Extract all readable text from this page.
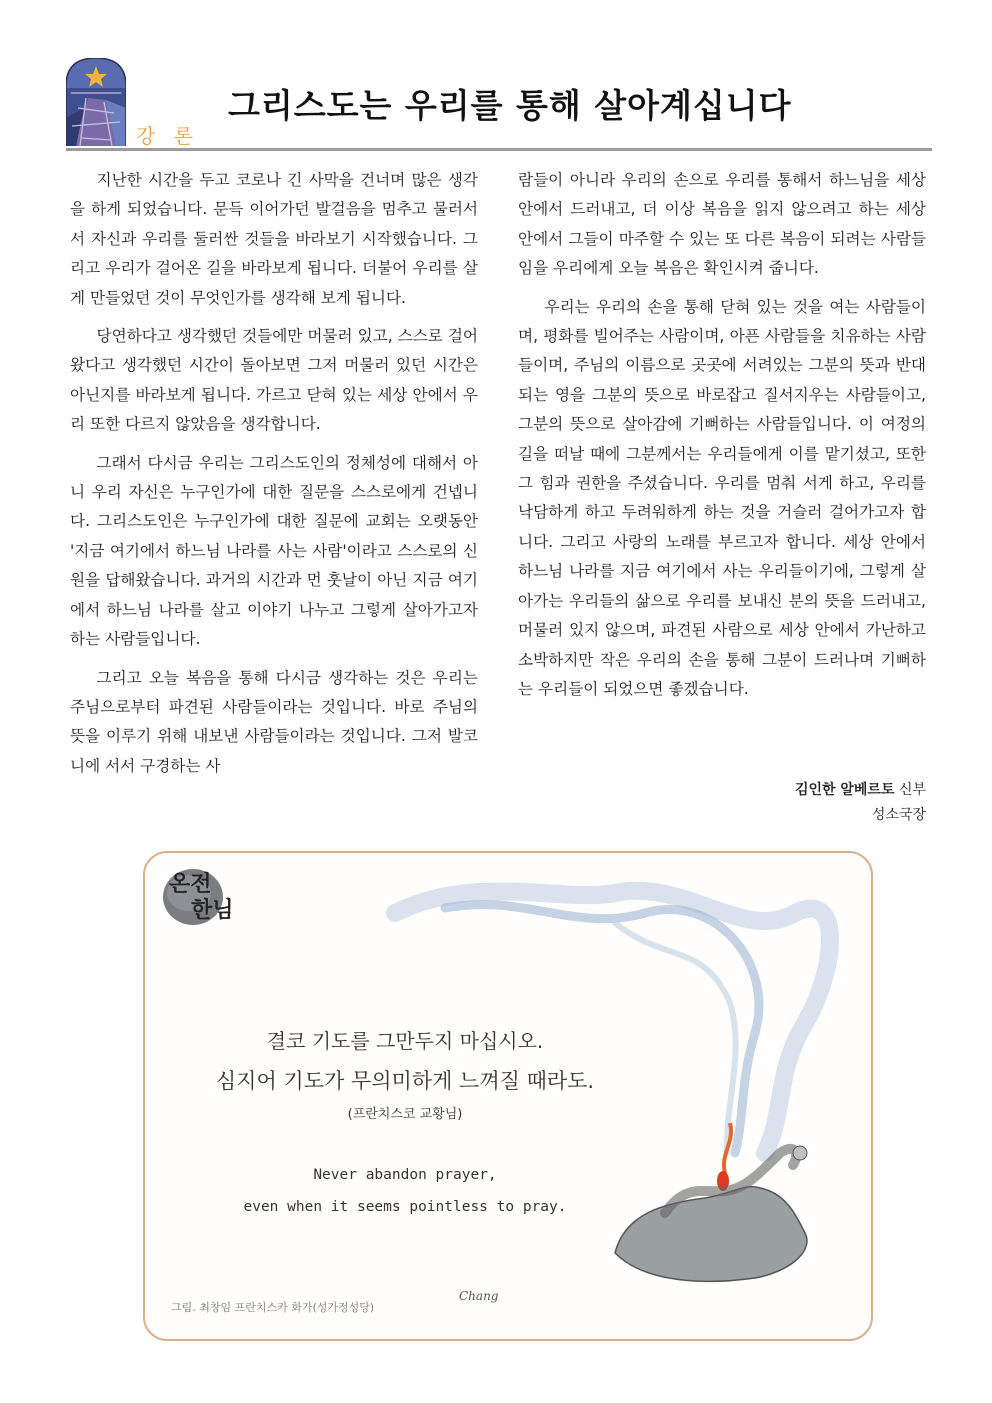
강 론
그리스도는 우리를 통해 살아계십니다

지난한 시간을 두고 코로나 긴 사막을 건너며 많은 생각을 하게 되었습니다. 문득 이어가던 발걸음을 멈추고 물러서서 자신과 우리를 둘러싼 것들을 바라보기 시작했습니다. 그리고 우리가 걸어온 길을 바라보게 됩니다. 더불어 우리를 살게 만들었던 것이 무엇인가를 생각해 보게 됩니다.

당연하다고 생각했던 것들에만 머물러 있고, 스스로 걸어왔다고 생각했던 시간이 돌아보면 그저 머물러 있던 시간은 아닌지를 바라보게 됩니다. 가르고 닫혀 있는 세상 안에서 우리 또한 다르지 않았음을 생각합니다.

그래서 다시금 우리는 그리스도인의 정체성에 대해서 아니 우리 자신은 누구인가에 대한 질문을 스스로에게 건넵니다. 그리스도인은 누구인가에 대한 질문에 교회는 오랫동안 '지금 여기에서 하느님 나라를 사는 사람'이라고 스스로의 신원을 답해왔습니다. 과거의 시간과 먼 훗날이 아닌 지금 여기에서 하느님 나라를 살고 이야기 나누고 그렇게 살아가고자 하는 사람들입니다.

그리고 오늘 복음을 통해 다시금 생각하는 것은 우리는 주님으로부터 파견된 사람들이라는 것입니다. 바로 주님의 뜻을 이루기 위해 내보낸 사람들이라는 것입니다. 그저 발코니에 서서 구경하는 사

람들이 아니라 우리의 손으로 우리를 통해서 하느님을 세상 안에서 드러내고, 더 이상 복음을 읽지 않으려고 하는 세상 안에서 그들이 마주할 수 있는 또 다른 복음이 되려는 사람들임을 우리에게 오늘 복음은 확인시켜 줍니다.

우리는 우리의 손을 통해 닫혀 있는 것을 여는 사람들이며, 평화를 빌어주는 사람이며, 아픈 사람들을 치유하는 사람들이며, 주님의 이름으로 곳곳에 서려있는 그분의 뜻과 반대되는 영을 그분의 뜻으로 바로잡고 질서지우는 사람들이고, 그분의 뜻으로 살아감에 기뻐하는 사람들입니다. 이 여정의 길을 떠날 때에 그분께서는 우리들에게 이를 맡기셨고, 또한 그 힘과 권한을 주셨습니다. 우리를 멈춰 서게 하고, 우리를 낙담하게 하고 두려워하게 하는 것을 거슬러 걸어가고자 합니다. 그리고 사랑의 노래를 부르고자 합니다. 세상 안에서 하느님 나라를 지금 여기에서 사는 우리들이기에, 그렇게 살아가는 우리들의 삶으로 우리를 보내신 분의 뜻을 드러내고, 머물러 있지 않으며, 파견된 사람으로 세상 안에서 가난하고 소박하지만 작은 우리의 손을 통해 그분이 드러나며 기뻐하는 우리들이 되었으면 좋겠습니다.

김인한 알베르토 신부
성소국장
온전
한님
결코 기도를 그만두지 마십시오.
심지어 기도가 무의미하게 느껴질 때라도.
(프란치스코 교황님)
Never abandon prayer,
even when it seems pointless to pray.
그림. 최창임 프란치스카 화가(성가정성당)
Chang
